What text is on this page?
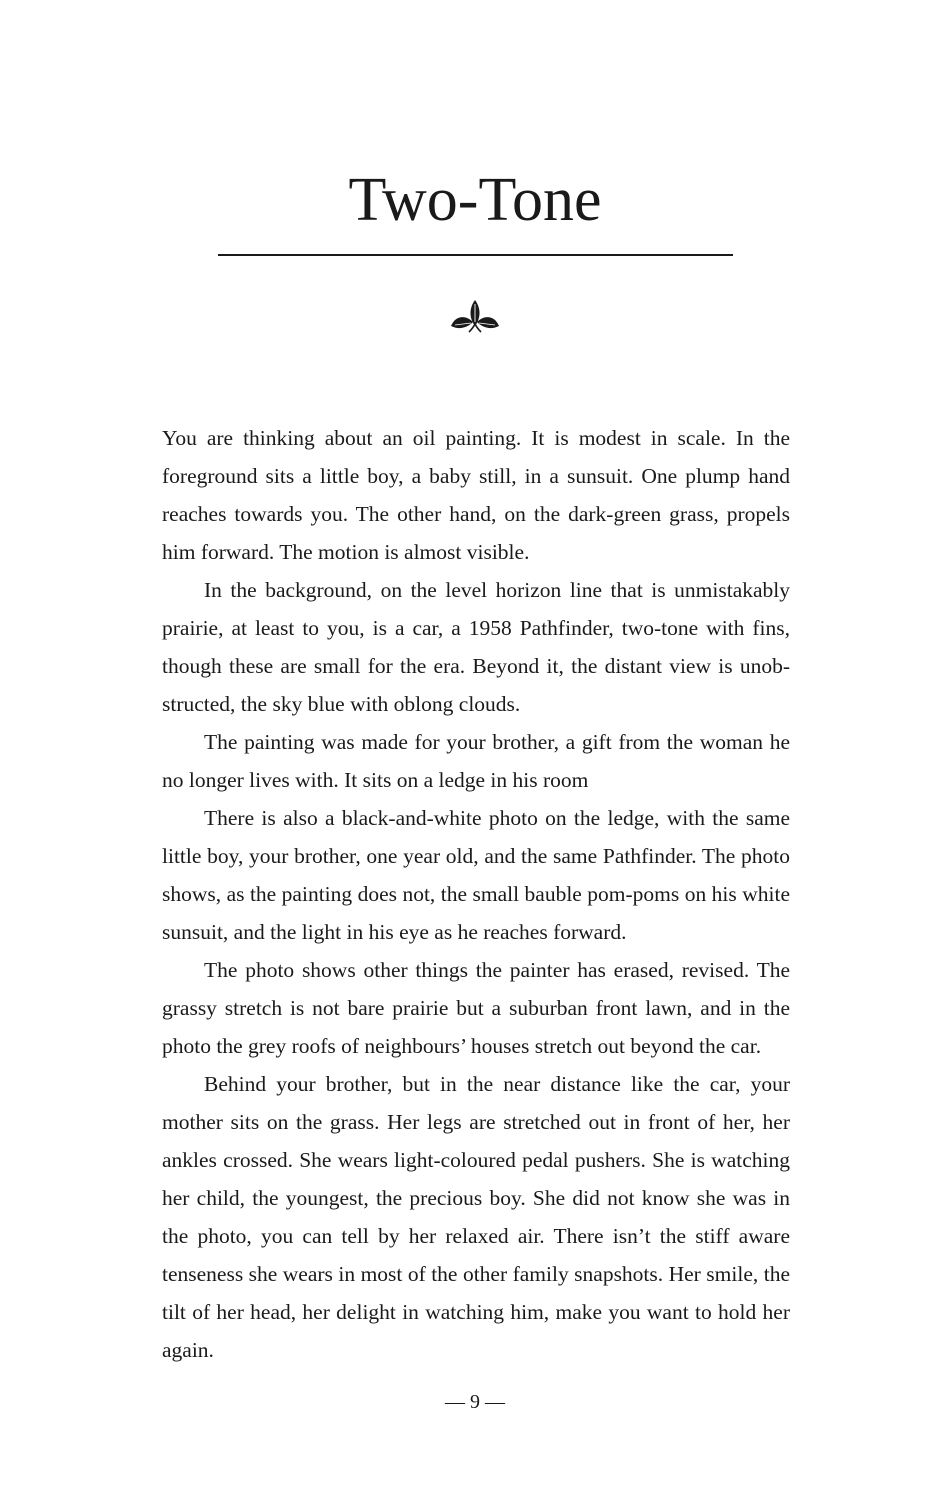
Two-Tone

You are thinking about an oil painting. It is modest in scale. In the foreground sits a little boy, a baby still, in a sunsuit. One plump hand reaches towards you. The other hand, on the dark-green grass, propels him forward. The motion is almost visible.

In the background, on the level horizon line that is unmistakably prairie, at least to you, is a car, a 1958 Pathfinder, two-tone with fins, though these are small for the era. Beyond it, the distant view is unobstructed, the sky blue with oblong clouds.

The painting was made for your brother, a gift from the woman he no longer lives with. It sits on a ledge in his room

There is also a black-and-white photo on the ledge, with the same little boy, your brother, one year old, and the same Pathfinder. The photo shows, as the painting does not, the small bauble pom-poms on his white sunsuit, and the light in his eye as he reaches forward.

The photo shows other things the painter has erased, revised. The grassy stretch is not bare prairie but a suburban front lawn, and in the photo the grey roofs of neighbours’ houses stretch out beyond the car.

Behind your brother, but in the near distance like the car, your mother sits on the grass. Her legs are stretched out in front of her, her ankles crossed. She wears light-coloured pedal pushers. She is watching her child, the youngest, the precious boy. She did not know she was in the photo, you can tell by her relaxed air. There isn’t the stiff aware tenseness she wears in most of the other family snapshots. Her smile, the tilt of her head, her delight in watching him, make you want to hold her again.

— 9 —
